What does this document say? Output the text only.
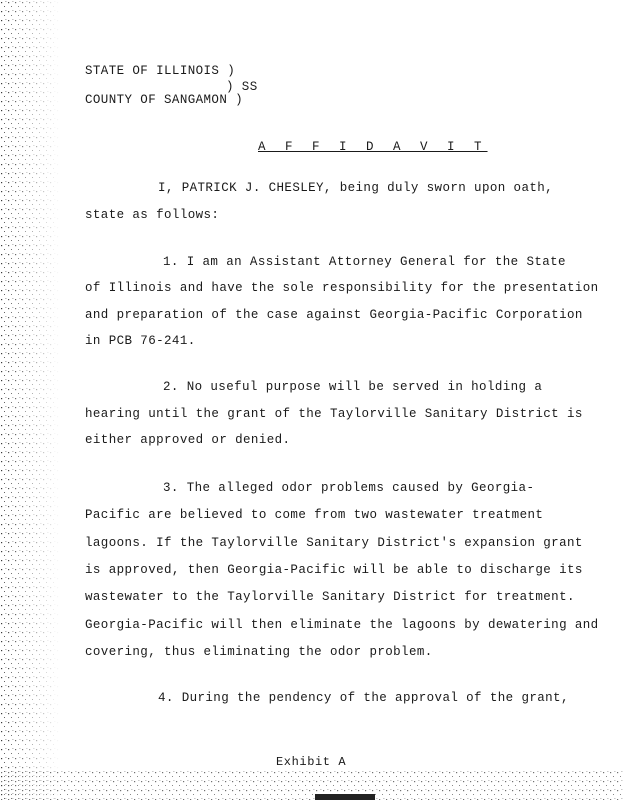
STATE OF ILLINOIS )
) SS
COUNTY OF SANGAMON )
A F F I D A V I T
I, PATRICK J. CHESLEY, being duly sworn upon oath,
state as follows:
1. I am an Assistant Attorney General for the State
of Illinois and have the sole responsibility for the presentation
and preparation of the case against Georgia-Pacific Corporation
in PCB 76-241.
2. No useful purpose will be served in holding a
hearing until the grant of the Taylorville Sanitary District is
either approved or denied.
3. The alleged odor problems caused by Georgia-
Pacific are believed to come from two wastewater treatment
lagoons. If the Taylorville Sanitary District's expansion grant
is approved, then Georgia-Pacific will be able to discharge its
wastewater to the Taylorville Sanitary District for treatment.
Georgia-Pacific will then eliminate the lagoons by dewatering and
covering, thus eliminating the odor problem.
4. During the pendency of the approval of the grant,
Exhibit A
